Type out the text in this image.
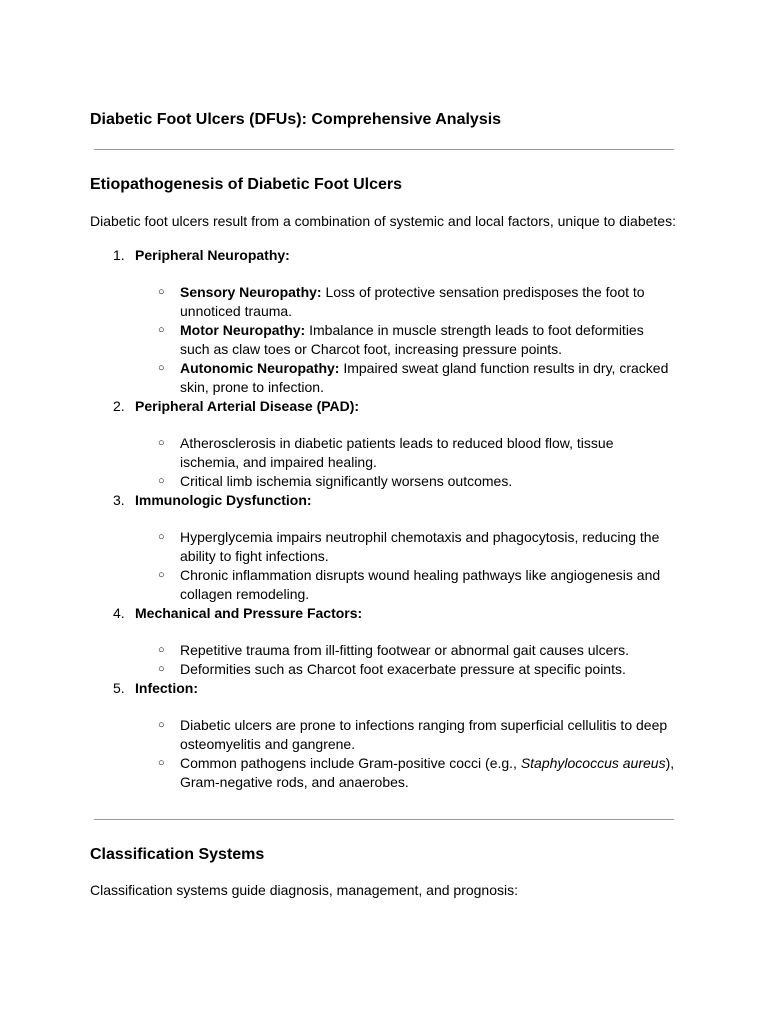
Diabetic Foot Ulcers (DFUs): Comprehensive Analysis
Etiopathogenesis of Diabetic Foot Ulcers

Diabetic foot ulcers result from a combination of systemic and local factors, unique to diabetes:

1. Peripheral Neuropathy:
○ Sensory Neuropathy: Loss of protective sensation predisposes the foot to unnoticed trauma.
○ Motor Neuropathy: Imbalance in muscle strength leads to foot deformities such as claw toes or Charcot foot, increasing pressure points.
○ Autonomic Neuropathy: Impaired sweat gland function results in dry, cracked skin, prone to infection.
2. Peripheral Arterial Disease (PAD):
○ Atherosclerosis in diabetic patients leads to reduced blood flow, tissue ischemia, and impaired healing.
○ Critical limb ischemia significantly worsens outcomes.
3. Immunologic Dysfunction:
○ Hyperglycemia impairs neutrophil chemotaxis and phagocytosis, reducing the ability to fight infections.
○ Chronic inflammation disrupts wound healing pathways like angiogenesis and collagen remodeling.
4. Mechanical and Pressure Factors:
○ Repetitive trauma from ill-fitting footwear or abnormal gait causes ulcers.
○ Deformities such as Charcot foot exacerbate pressure at specific points.
5. Infection:
○ Diabetic ulcers are prone to infections ranging from superficial cellulitis to deep osteomyelitis and gangrene.
○ Common pathogens include Gram-positive cocci (e.g., Staphylococcus aureus), Gram-negative rods, and anaerobes.
Classification Systems

Classification systems guide diagnosis, management, and prognosis:
